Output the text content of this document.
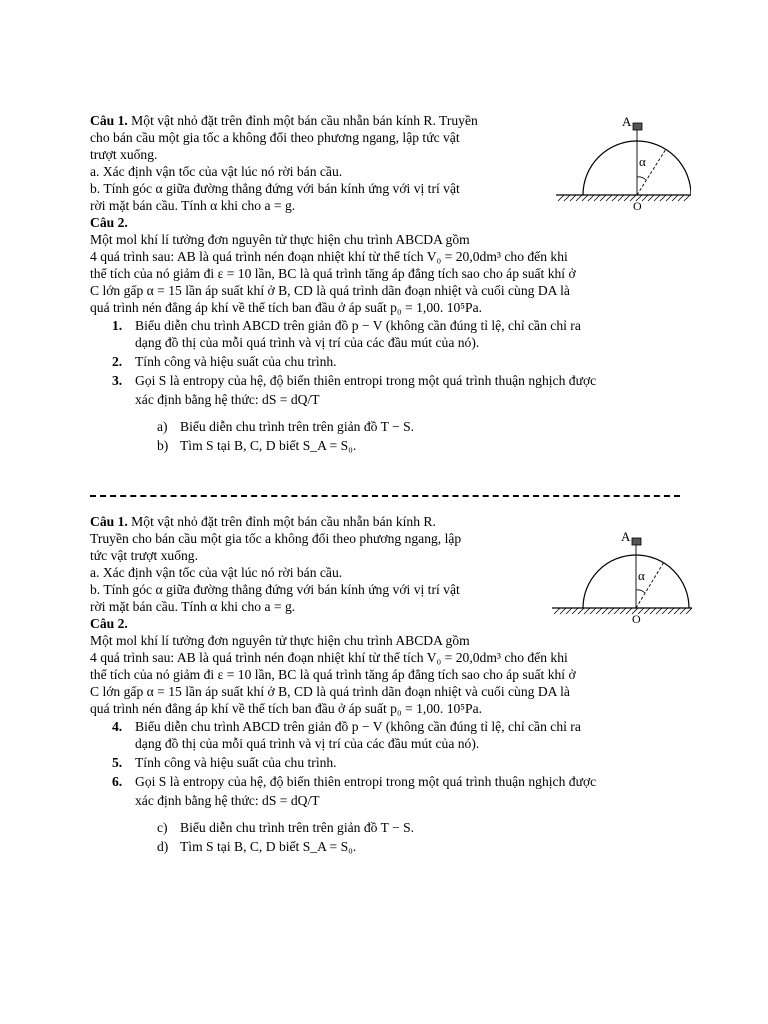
Câu 1. Một vật nhỏ đặt trên đỉnh một bán cầu nhẵn bán kính R. Truyền
cho bán cầu một gia tốc a không đổi theo phương ngang, lập tức vật
trượt xuống.
a. Xác định vận tốc của vật lúc nó rời bán cầu.
b. Tính góc α giữa đường thẳng đứng với bán kính ứng với vị trí vật
rời mặt bán cầu. Tính α khi cho a = g.
Câu 2.
Một mol khí lí tưởng đơn nguyên tử thực hiện chu trình ABCDA gồm
4 quá trình sau: AB là quá trình nén đoạn nhiệt khí từ thể tích V₀ = 20,0dm³ cho đến khi
thể tích của nó giảm đi ε = 10 lần, BC là quá trình tăng áp đẳng tích sao cho áp suất khí ở
C lớn gấp α = 15 lần áp suất khí ở B, CD là quá trình dãn đoạn nhiệt và cuối cùng DA là
quá trình nén đẳng áp khí về thể tích ban đầu ở áp suất p₀ = 1,00. 10⁵Pa.
1. Biểu diễn chu trình ABCD trên giản đồ p − V (không cần đúng tỉ lệ, chỉ cần chỉ ra
dạng đồ thị của mỗi quá trình và vị trí của các đầu mút của nó).
2. Tính công và hiệu suất của chu trình.
3. Gọi S là entropy của hệ, độ biến thiên entropi trong một quá trình thuận nghịch được
xác định bằng hệ thức: dS = dQ/T
a) Biểu diễn chu trình trên trên giản đồ T − S.
b) Tìm S tại B, C, D biết S_A = S₀.
A
α
O
Câu 1. Một vật nhỏ đặt trên đỉnh một bán cầu nhẵn bán kính R.
Truyền cho bán cầu một gia tốc a không đổi theo phương ngang, lập
tức vật trượt xuống.
a. Xác định vận tốc của vật lúc nó rời bán cầu.
b. Tính góc α giữa đường thẳng đứng với bán kính ứng với vị trí vật
rời mặt bán cầu. Tính α khi cho a = g.
Câu 2.
Một mol khí lí tưởng đơn nguyên tử thực hiện chu trình ABCDA gồm
4 quá trình sau: AB là quá trình nén đoạn nhiệt khí từ thể tích V₀ = 20,0dm³ cho đến khi
thể tích của nó giảm đi ε = 10 lần, BC là quá trình tăng áp đẳng tích sao cho áp suất khí ở
C lớn gấp α = 15 lần áp suất khí ở B, CD là quá trình dãn đoạn nhiệt và cuối cùng DA là
quá trình nén đẳng áp khí về thể tích ban đầu ở áp suất p₀ = 1,00. 10⁵Pa.
4. Biểu diễn chu trình ABCD trên giản đồ p − V (không cần đúng tỉ lệ, chỉ cần chỉ ra
dạng đồ thị của mỗi quá trình và vị trí của các đầu mút của nó).
5. Tính công và hiệu suất của chu trình.
6. Gọi S là entropy của hệ, độ biến thiên entropi trong một quá trình thuận nghịch được
xác định bằng hệ thức: dS = dQ/T
c) Biểu diễn chu trình trên trên giản đồ T − S.
d) Tìm S tại B, C, D biết S_A = S₀.
A
α
O
